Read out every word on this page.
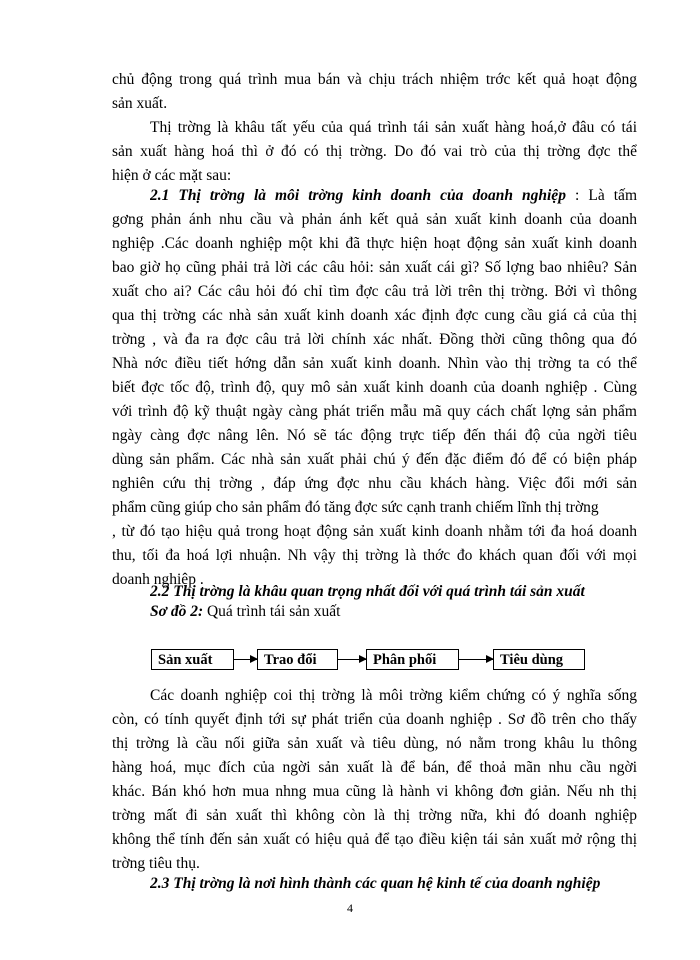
chủ động trong quá trình mua bán và chịu trách nhiệm trớc kết quả hoạt động
sản xuất.
Thị trờng là khâu tất yếu của quá trình tái sản xuất hàng hoá,ở đâu có tái
sản xuất hàng hoá thì ở đó có thị trờng. Do đó vai trò của thị trờng đợc thể
hiện ở các mặt sau:
2.1 Thị trờng là môi trờng kinh doanh của doanh nghiệp : Là tấm
gơng phản ánh nhu cầu và phản ánh kết quả sản xuất kinh doanh của doanh
nghiệp .Các doanh nghiệp một khi đã thực hiện hoạt động sản xuất kinh doanh
bao giờ họ cũng phải trả lời các câu hỏi: sản xuất cái gì? Số lợng bao nhiêu? Sản
xuất cho ai? Các câu hỏi đó chỉ tìm đợc câu trả lời trên thị trờng. Bởi vì thông
qua thị trờng các nhà sản xuất kinh doanh xác định đợc cung cầu giá cả của thị
trờng , và đa ra đợc câu trả lời chính xác nhất. Đồng thời cũng thông qua đó
Nhà nớc điều tiết hớng dẫn sản xuất kinh doanh. Nhìn vào thị trờng ta có thể
biết đợc tốc độ, trình độ, quy mô sản xuất kinh doanh của doanh nghiệp . Cùng
với trình độ kỹ thuật ngày càng phát triển mẫu mã quy cách chất lợng sản phẩm
ngày càng đợc nâng lên. Nó sẽ tác động trực tiếp đến thái độ của ngời tiêu
dùng sản phẩm. Các nhà sản xuất phải chú ý đến đặc điểm đó để có biện pháp
nghiên cứu thị trờng , đáp ứng đợc nhu cầu khách hàng. Việc đổi mới sản
phẩm cũng giúp cho sản phẩm đó tăng đợc sức cạnh tranh chiếm lĩnh thị trờng
, từ đó tạo hiệu quả trong hoạt động sản xuất kinh doanh nhằm tới đa hoá doanh
thu, tối đa hoá lợi nhuận. Nh vậy thị trờng là thớc đo khách quan đối với mọi
doanh nghiệp .
2.2 Thị trờng là khâu quan trọng nhất đối với quá trình tái sản xuất
Sơ đồ 2: Quá trình tái sản xuất
Sản xuất	Trao đổi	Phân phối	Tiêu dùng
Các doanh nghiệp coi thị trờng là môi trờng kiểm chứng có ý nghĩa sống
còn, có tính quyết định tới sự phát triển của doanh nghiệp . Sơ đồ trên cho thấy
thị trờng là cầu nối giữa sản xuất và tiêu dùng, nó nằm trong khâu lu thông
hàng hoá, mục đích của ngời sản xuất là để bán, để thoả mãn nhu cầu ngời
khác. Bán khó hơn mua nhng mua cũng là hành vi không đơn giản. Nếu nh thị
trờng mất đi sản xuất thì không còn là thị trờng nữa, khi đó doanh nghiệp
không thể tính đến sản xuất có hiệu quả để tạo điều kiện tái sản xuất mở rộng thị
trờng tiêu thụ.
2.3 Thị trờng là nơi hình thành các quan hệ kinh tế của doanh nghiệp
4
